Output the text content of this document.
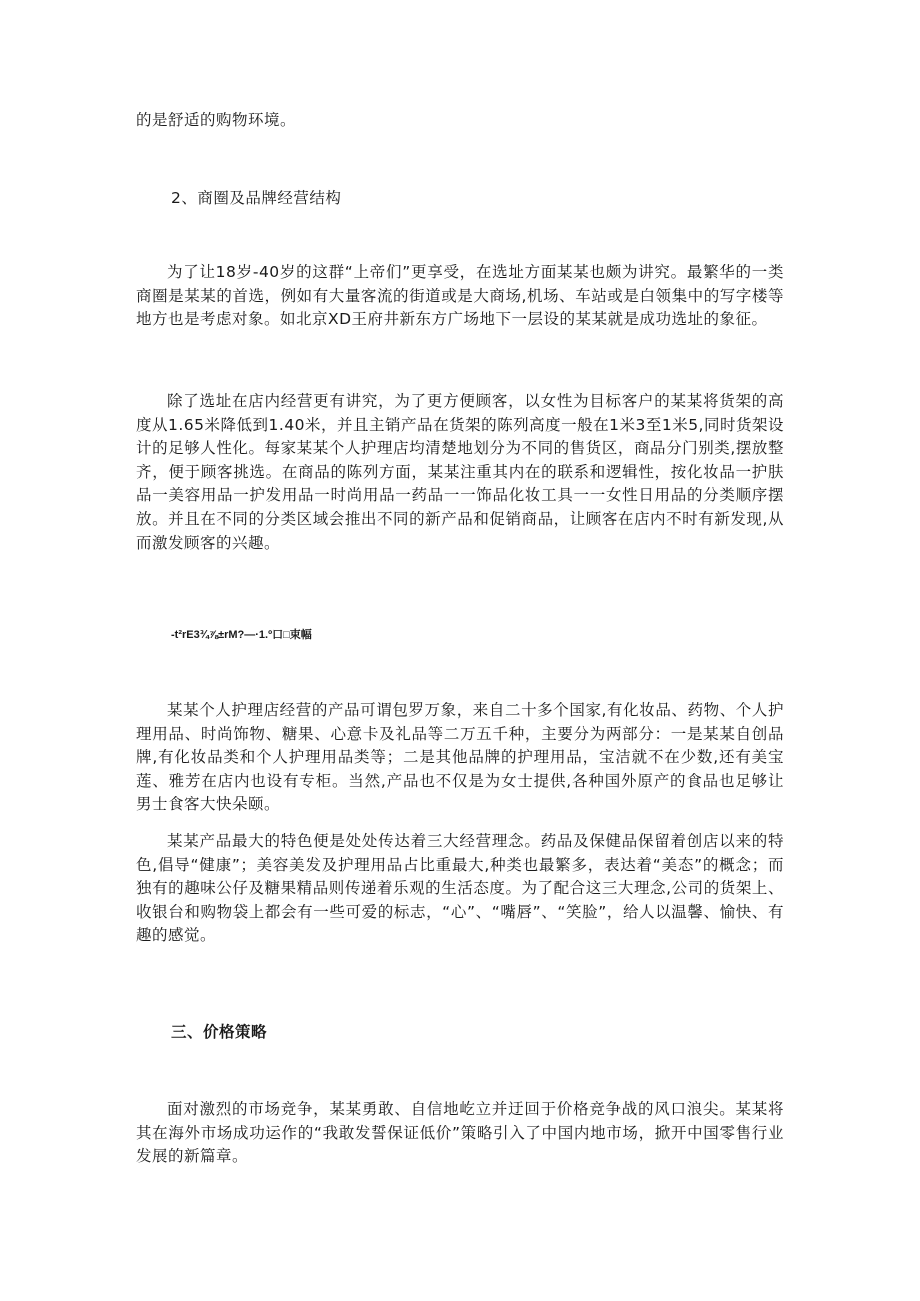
的是舒适的购物环境。

2、商圈及品牌经营结构

为了让18岁-40岁的这群“上帝们”更享受，在选址方面某某也颇为讲究。最繁华的一类商圈是某某的首选，例如有大量客流的街道或是大商场,机场、车站或是白领集中的写字楼等地方也是考虑对象。如北京XD王府井新东方广场地下一层设的某某就是成功选址的象征。

除了选址在店内经营更有讲究，为了更方便顾客，以女性为目标客户的某某将货架的高度从1.65米降低到1.40米，并且主销产品在货架的陈列高度一般在1米3至1米5,同时货架设计的足够人性化。每家某某个人护理店均清楚地划分为不同的售货区，商品分门别类,摆放整齐，便于顾客挑选。在商品的陈列方面，某某注重其内在的联系和逻辑性，按化妆品一护肤品一美容用品一护发用品一时尚用品一药品一一饰品化妆工具一一女性日用品的分类顺序摆放。并且在不同的分类区域会推出不同的新产品和促销商品，让顾客在店内不时有新发现,从而激发顾客的兴趣。

-t²rE3¾⅞±rM?—·1.º口□束幅

某某个人护理店经营的产品可谓包罗万象，来自二十多个国家,有化妆品、药物、个人护理用品、时尚饰物、糖果、心意卡及礼品等二万五千种，主要分为两部分：一是某某自创品牌,有化妆品类和个人护理用品类等；二是其他品牌的护理用品，宝洁就不在少数,还有美宝莲、雅芳在店内也设有专柜。当然,产品也不仅是为女士提供,各种国外原产的食品也足够让男士食客大快朵颐。

某某产品最大的特色便是处处传达着三大经营理念。药品及保健品保留着创店以来的特色,倡导“健康”；美容美发及护理用品占比重最大,种类也最繁多，表达着“美态”的概念；而独有的趣味公仔及糖果精品则传递着乐观的生活态度。为了配合这三大理念,公司的货架上、收银台和购物袋上都会有一些可爱的标志，“心”、“嘴唇”、“笑脸”，给人以温馨、愉快、有趣的感觉。

三、价格策略

面对激烈的市场竞争，某某勇敢、自信地屹立并迂回于价格竞争战的风口浪尖。某某将其在海外市场成功运作的“我敢发誓保证低价”策略引入了中国内地市场，掀开中国零售行业发展的新篇章。
